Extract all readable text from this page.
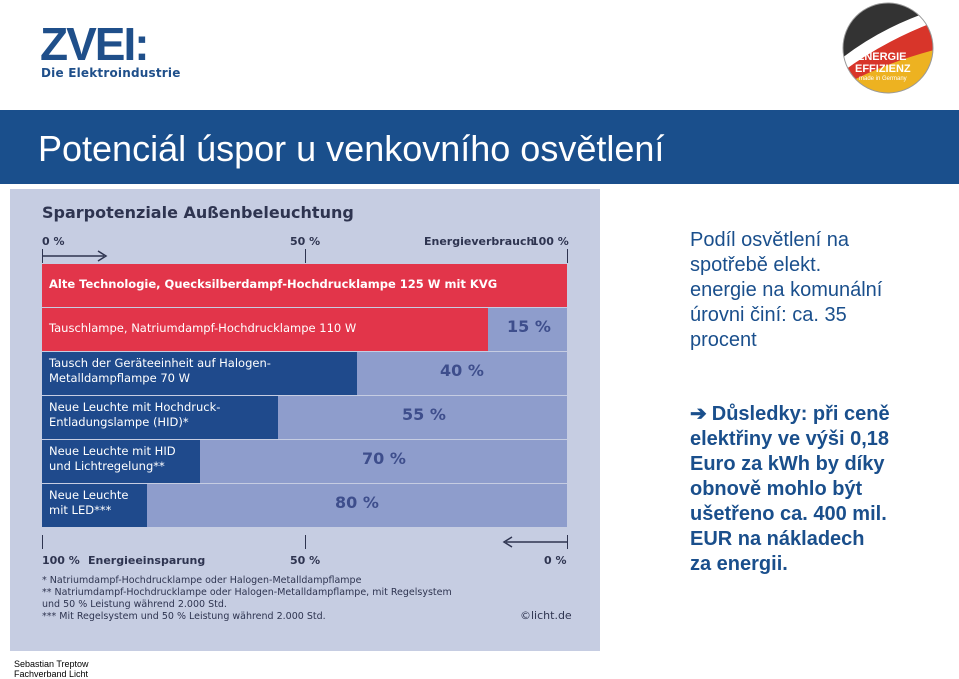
ZVEI:
Die Elektroindustrie
ENERGIE
EFFIZIENZ
made in Germany
Potenciál úspor u venkovního osvětlení
Sparpotenziale Außenbeleuchtung
0 %	50 %	Energieverbrauch
100 %
Alte Technologie, Quecksilberdampf-Hochdrucklampe 125 W mit KVG
Tauschlampe, Natriumdampf-Hochdrucklampe 110 W	15 %
Tausch der Geräteeinheit auf Halogen-
Metalldampflampe 70 W	40 %
Neue Leuchte mit Hochdruck-
Entladungslampe (HID)*	55 %
Neue Leuchte mit HID
und Lichtregelung**	70 %
Neue Leuchte
mit LED***	80 %
100 % Energieeinsparung	50 %	0 %
* Natriumdampf-Hochdrucklampe oder Halogen-Metalldampflampe
** Natriumdampf-Hochdrucklampe oder Halogen-Metalldampflampe, mit Regelsystem
und 50 % Leistung während 2.000 Std.
*** Mit Regelsystem und 50 % Leistung während 2.000 Std.	©licht.de
Podíl osvětlení na spotřebě elekt. energie na komunální úrovni činí: ca. 35 procent
➔ Důsledky: při ceně elektřiny ve výši 0,18 Euro za kWh by díky obnově mohlo být ušetřeno ca. 400 mil. EUR na nákladech za energii.
Sebastian Treptow
Fachverband Licht
